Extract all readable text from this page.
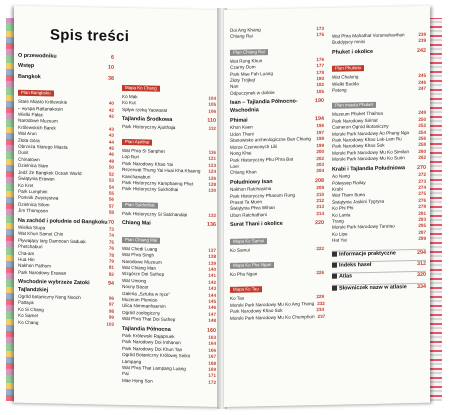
Spis treści
O przewodniku	6
Wstęp	10
Bangkok	38
Plan Bangkoku
Stare Miasto Królewskie	40
– wyspa Rattanakosin	42
Wielki Pałac	42
Narodowe Muzeum
Królewskich Barek	43
Wat Arun	43
Złota Góra	44
Obrzeża Starego Miasta	45
Dusit	46
Chinatown	48
Dzielnica Siam	50
Jedź Ze Bangkok Ocean World	52
Świątynia Erawan	53
Ko Kret	54
Park Lumphini	55
Pomnik Zwycięstwa	56
Dzielnica Silom	57
Jim Thompson	58
Na zachód i południe od Bangkoku 70
Wielka Stupa	73
Wat Khun Samut Chin	74
Pływający targ Damnoen Saduak	75
Phetchaburi	76
Cha-am	78
Hua Hin	79
Nakhon Pathom	81
Park Narodowy Erawan	82
Wschodnie wybrzeże Zatoki Tajlandzkiej
94
Ogród botaniczny Nong Nooch	96
Pattaya	97
Ko Si Chang	98
Ko Samet	99
Ko Chang	102
Mapa Ko Chang
Ko Mak	104
Ko Kut	105
Spływ rzeką Yaowarat	106
Tajlandia Środkowa	110
Park Historyczny Ajutthaja	112
Plan Ajutthai
Wat Phra Si Sanphet	116
Lop Buri	121
Park Narodowy Khao Yai	123
Rezerwat Thung Yai Huai Kha Khaeng 124
Kanchanaburi	126
Park Historyczny Kamphaeng Phet	128
Park Historyczny Sukhothai	130
Plan Sukhothai
Park Historyczny Si Satchanalai	132
Chiang Mai	136
Plan Chiang Mai
Wat Chedi Luang	137
Wat Phra Singh	138
Narodowe Muzeum	139
Wat Chiang Man	140
Wzgórze Doi Suthep	141
Wat Umong	142
Nocny Bazar	143
Galeria „Sztuka w ręce”	144
Muzeum Plemion	145
Ulica Nimmanhaemin	146
Ogród zoologiczny	147
Wat Phra That Doi Suthep	148
Tajlandia Północna	160
Park Królewski Rajapruek	163
Park Narodowy Doi Inthanon	164
Park Narodowy Doi Khun Tan	166
Ogród Botaniczny Królowej Sirikit	167
Lampang	168
Wat Phra That Lampang Luang	169
Pai	171
Mae Hong Son	172
Doi Ang Khang	173
Chiang Rai	175
Plan Chiang Rai
Wat Rong Khun	176
Czarny Dom	177
Park Mae Fah Luang	178
Złoty Trójkąt	180
Nan	182
Odpoczynek w dolinie	185
Isan – Tajlandia Północno-Wschodnia
190
Phimai	194
Khon Kaen	196
Udon Thani	197
Stanowisko archeologiczne Ban Chiang 198
Morze Czerwonych Lilii	199
Nong Khai	200
Park Historyczny Phu Phra Bat	202
Loei	203
Chiang Khan	204
Południowy Isan	208
Nakhon Ratchasima	209
Park Historyczny Phanom Rung	210
Prasat Ta Muen	212
Świątynia Phra Wihan	213
Ubon Ratchathani	214
Surat Thani i okolice	220
Mapa Ko Samui
Ko Samui	222
Mapa Ko Pha Ngan
Ko Pha Ngan	226
Mapa Ko Tao
Ko Tao	229
Morski Park Narodowy Mu Ko Ang Thong 232
Park Narodowy Khao Sok	234
Morski Park Narodowy Mu Ko Chumphon 237
Wat Phra Mahathat Voramahavihan	238
Buddyjscy mnisi	239
Phuket i okolice	242
Plan Phuketu
Wat Chalong	245
Wielki Budda	246
Patong	247
Plan miasta Phuket
Muzeum Phuket Thaihua	248
Park Narodowy Sirinat	250
Cameron Ogród Botaniczny	252
Morski Park Narodowy Ao Phang Nga 254
Park Narodowy Khao Lak-Lam Ru	256
Park Narodowy Khao Sok	258
Morski Park Narodowy Mu Ko Similan 260
Morski Park Narodowy Mu Ko Surin	262
Krabi i Tajlandia Południowa 270
Ao Nang	272
Półwysep Railay	273
Krabi	274
Wat Tham Suea	275
Świątynia Jaskini Tygrysa	276
Ko Phi Phi	278
Ko Lanta	281
Trang	283
Morski Park Narodowy Tarutao	285
Ko Lipe	287
Hat Yai	289
Informacje praktyczne	294
Indeks haseł	312
Atlas	320
Słowniczek nazw w atlasie 334
